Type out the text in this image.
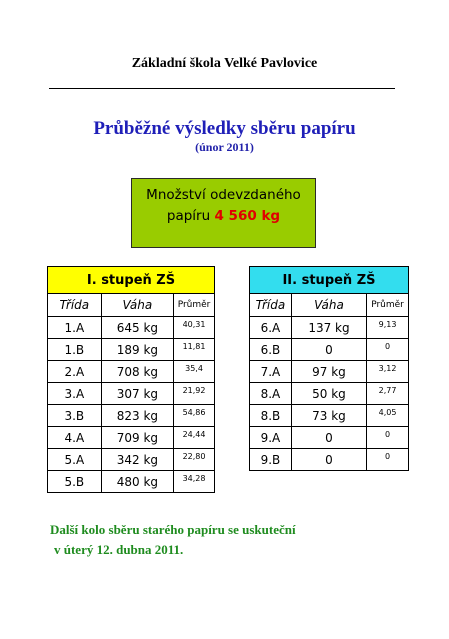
Základní škola Velké Pavlovice
Průběžné výsledky sběru papíru
(únor 2011)
Množství odevzdaného
papíru 4 560 kg
I. stupeň ZŠ		
Třída	Váha	Průměr
1.A	645 kg	40,31
1.B	189 kg	11,81
2.A	708 kg	35,4
3.A	307 kg	21,92
3.B	823 kg	54,86
4.A	709 kg	24,44
5.A	342 kg	22,80
5.B	480 kg	34,28
II. stupeň ZŠ		
Třída	Váha	Průměr
6.A	137 kg	9,13
6.B	0	0
7.A	97 kg	3,12
8.A	50 kg	2,77
8.B	73 kg	4,05
9.A	0	0
9.B	0	0
Další kolo sběru starého papíru se uskuteční
v úterý 12. dubna 2011.
